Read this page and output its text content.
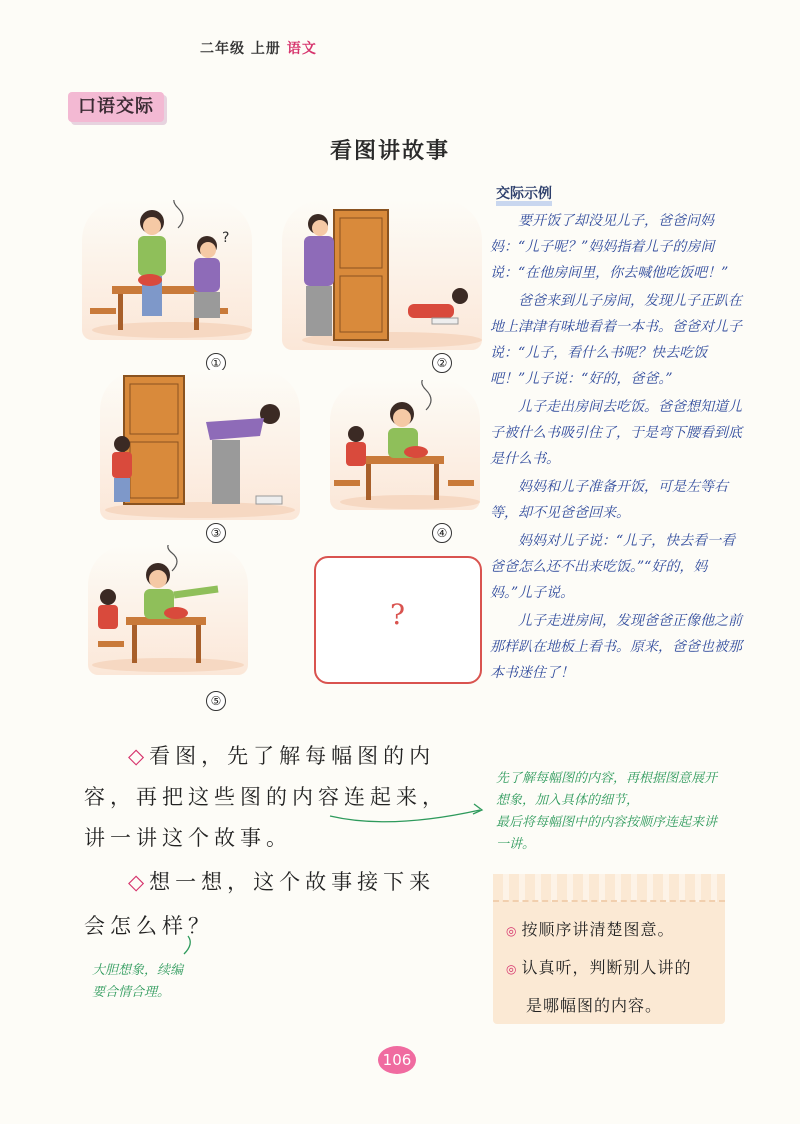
二年级 上册 语文
口语交际
看图讲故事
交际示例

要开饭了却没见儿子，爸爸问妈妈：“儿子呢？”妈妈指着儿子的房间说：“在他房间里，你去喊他吃饭吧！”

爸爸来到儿子房间，发现儿子正趴在地上津津有味地看着一本书。爸爸对儿子说：“儿子，看什么书呢？快去吃饭吧！”儿子说：“好的，爸爸。”

儿子走出房间去吃饭。爸爸想知道儿子被什么书吸引住了，于是弯下腰看到底是什么书。

妈妈和儿子准备开饭，可是左等右等，却不见爸爸回来。

妈妈对儿子说：“儿子，快去看一看爸爸怎么还不出来吃饭。”“好的，妈妈。”儿子说。

儿子走进房间，发现爸爸正像他之前那样趴在地板上看书。原来，爸爸也被那本书迷住了！

?
①	②
③	④
⑤
?
◇看图，先了解每幅图的内
容，再把这些图的内容连起来，
讲一讲这个故事。
◇想一想，这个故事接下来
会怎么样？
先了解每幅图的内容，再根据图意展开想象，加入具体的细节，
最后将每幅图中的内容按顺序连起来讲一讲。
大胆想象，续编
要合情合理。
◎ 按顺序讲清楚图意。
◎ 认真听，判断别人讲的
是哪幅图的内容。
106
